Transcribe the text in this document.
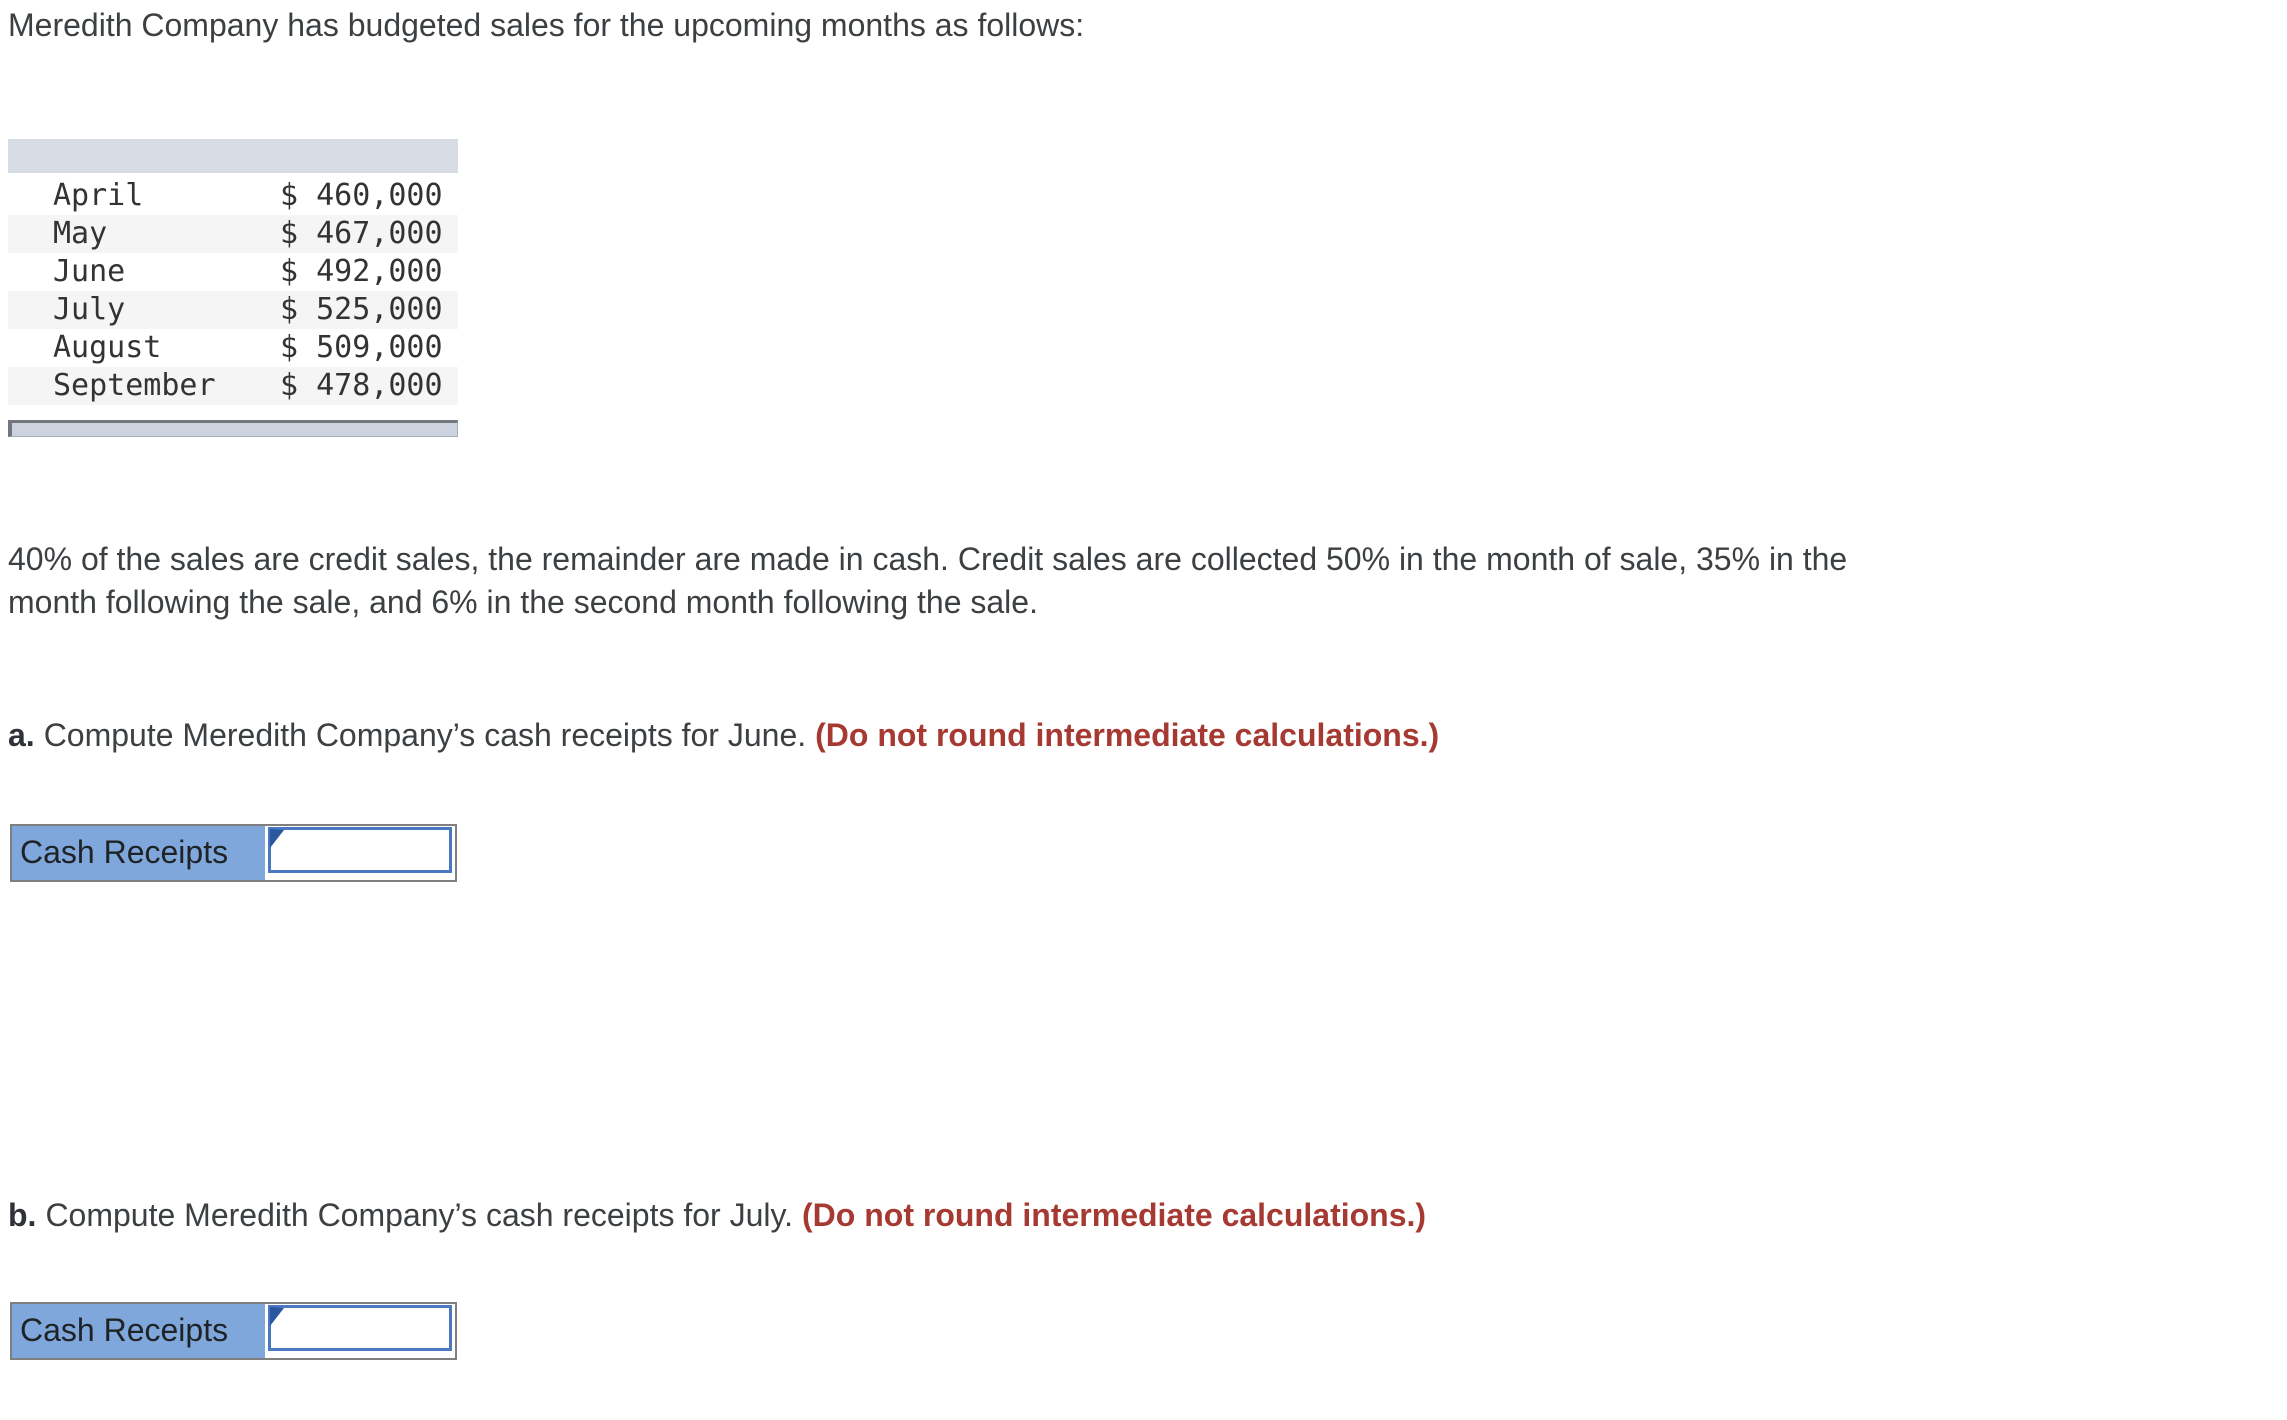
Meredith Company has budgeted sales for the upcoming months as follows:
April	$ 460,000
May	$ 467,000
June	$ 492,000
July	$ 525,000
August	$ 509,000
September $ 478,000
40% of the sales are credit sales, the remainder are made in cash. Credit sales are collected 50% in the month of sale, 35% in the
month following the sale, and 6% in the second month following the sale.
a. Compute Meredith Company’s cash receipts for June. (Do not round intermediate calculations.)
Cash Receipts
b. Compute Meredith Company’s cash receipts for July. (Do not round intermediate calculations.)
Cash Receipts
